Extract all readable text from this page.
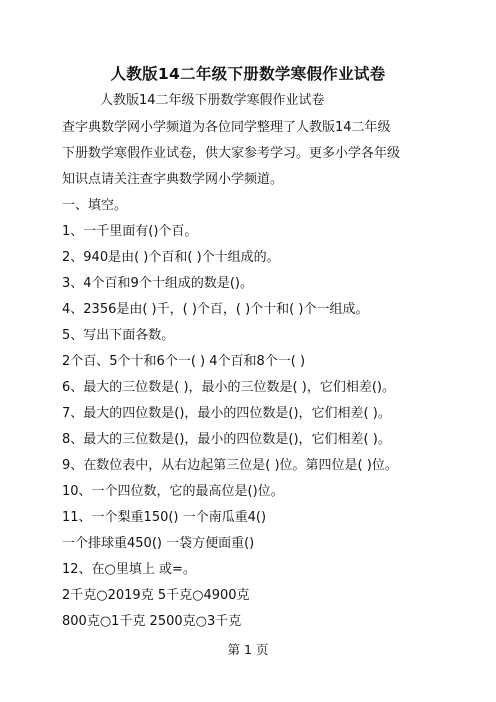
人教版14二年级下册数学寒假作业试卷
人教版14二年级下册数学寒假作业试卷
查字典数学网小学频道为各位同学整理了人教版14二年级
下册数学寒假作业试卷，供大家参考学习。更多小学各年级
知识点请关注查字典数学网小学频道。
一、填空。
1、一千里面有()个百。
2、940是由( )个百和( )个十组成的。
3、4个百和9个十组成的数是()。
4、2356是由( )千，( )个百，( )个十和( )个一组成。
5、写出下面各数。
2个百、5个十和6个一( ) 4个百和8个一( )
6、最大的三位数是( )，最小的三位数是( )，它们相差()。
7、最大的四位数是()，最小的四位数是()，它们相差( )。
8、最大的三位数是()，最小的四位数是()，它们相差( )。
9、在数位表中，从右边起第三位是( )位。第四位是( )位。
10、一个四位数，它的最高位是()位。
11、一个梨重150() 一个南瓜重4()
一个排球重450() 一袋方便面重()
12、在○里填上 或=。
2千克○2019克 5千克○4900克
800克○1千克 2500克○3千克
第 1 页
